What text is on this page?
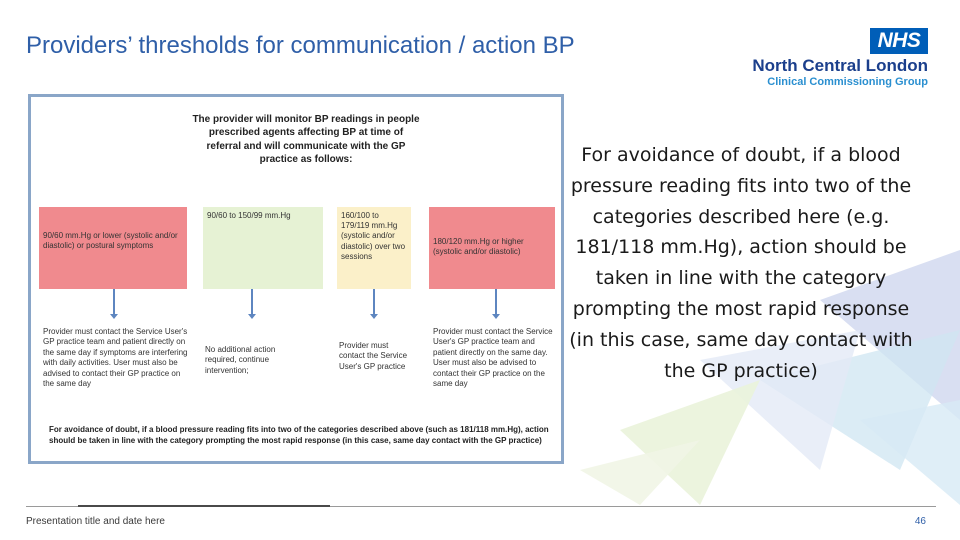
Providers’ thresholds for communication / action BP	NHS
North Central London
Clinical Commissioning Group
The provider will monitor BP readings in people prescribed agents affecting BP at time of referral and will communicate with the GP practice as follows:
90/60 mm.Hg or lower (systolic and/or diastolic) or postural symptoms
90/60 to 150/99 mm.Hg	160/100 to 179/119 mm.Hg (systolic and/or diastolic) over two sessions
180/120 mm.Hg or higher (systolic and/or diastolic)
Provider must contact the Service User's GP practice team and patient directly on the same day if symptoms are interfering with daily activities. User must also be advised to contact their GP practice on the same day
No additional action required, continue intervention;
Provider must contact the Service User's GP practice
Provider must contact the Service User's GP practice team and patient directly on the same day. User must also be advised to contact their GP practice on the same day
For avoidance of doubt, if a blood pressure reading fits into two of the categories described above (such as 181/118 mm.Hg), action should be taken in line with the category prompting the most rapid response (in this case, same day contact with the GP practice)
For avoidance of doubt, if a blood pressure reading fits into two of the categories described here (e.g. 181/118 mm.Hg), action should be taken in line with the category prompting the most rapid response (in this case, same day contact with the GP practice)
Presentation title and date here	46
